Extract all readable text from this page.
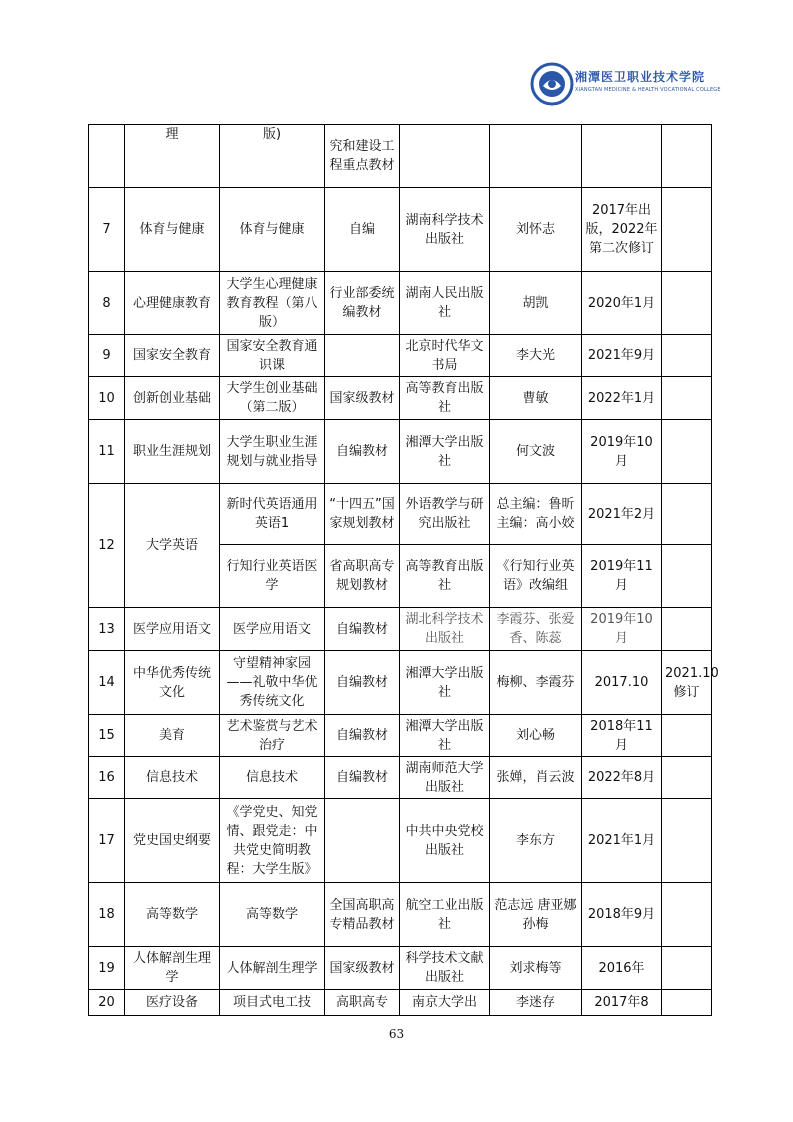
湘潭医卫职业技术学院
XIANGTAN MEDICINE & HEALTH VOCATIONAL COLLEGE
	理	版)	究和建设工程重点教材				
7	体育与健康	体育与健康	自编	湖南科学技术出版社	刘怀志	2017年出版，2022年第二次修订	
8	心理健康教育	大学生心理健康教育教程（第八版）	行业部委统编教材	湖南人民出版社	胡凯	2020年1月	
9	国家安全教育	国家安全教育通识课		北京时代华文书局	李大光	2021年9月	
10	创新创业基础	大学生创业基础（第二版）	国家级教材	高等教育出版社	曹敏	2022年1月	
11	职业生涯规划	大学生职业生涯规划与就业指导	自编教材	湘潭大学出版社	何文波	2019年10月	
12	大学英语	新时代英语通用英语1	“十四五”国家规划教材	外语教学与研究出版社	总主编：鲁昕 主编：高小姣	2021年2月	
		行知行业英语医学	省高职高专规划教材	高等教育出版社	《行知行业英语》改编组	2019年11月	
13	医学应用语文	医学应用语文	自编教材	湖北科学技术出版社	李霞芬、张爱香、陈蕊	2019年10月	
14	中华优秀传统文化	守望精神家园——礼敬中华优秀传统文化	自编教材	湘潭大学出版社	梅柳、李霞芬	2017.10	2021.10修订
15	美育	艺术鉴赏与艺术治疗	自编教材	湘潭大学出版社	刘心畅	2018年11月	
16	信息技术	信息技术	自编教材	湖南师范大学出版社	张婵，肖云波	2022年8月	
17	党史国史纲要	《学党史、知党情、跟党走：中共党史简明教程：大学生版》		中共中央党校出版社	李东方	2021年1月	
18	高等数学	高等数学	全国高职高专精品教材	航空工业出版社	范志远 唐亚娜孙梅	2018年9月	
19	人体解剖生理学	人体解剖生理学	国家级教材	科学技术文献出版社	刘求梅等	2016年	
20	医疗设备	项目式电工技	高职高专	南京大学出	李迷存	2017年8	
63
